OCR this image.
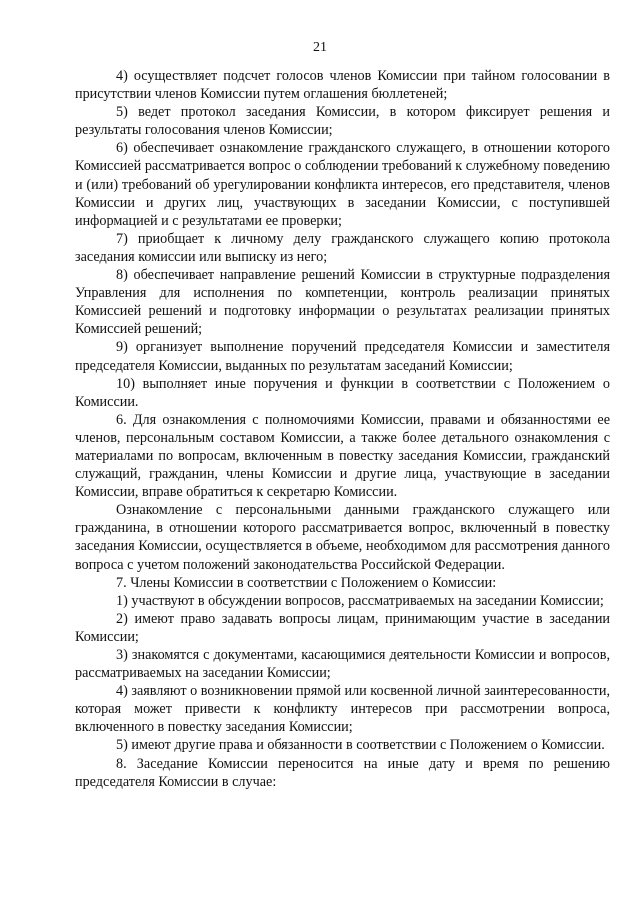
21

4) осуществляет подсчет голосов членов Комиссии при тайном голосовании в присутствии членов Комиссии путем оглашения бюллетеней;

5) ведет протокол заседания Комиссии, в котором фиксирует решения и результаты голосования членов Комиссии;

6) обеспечивает ознакомление гражданского служащего, в отношении которого Комиссией рассматривается вопрос о соблюдении требований к служебному поведению и (или) требований об урегулировании конфликта интересов, его представителя, членов Комиссии и других лиц, участвующих в заседании Комиссии, с поступившей информацией и с результатами ее проверки;

7) приобщает к личному делу гражданского служащего копию протокола заседания комиссии или выписку из него;

8) обеспечивает направление решений Комиссии в структурные подразделения Управления для исполнения по компетенции, контроль реализации принятых Комиссией решений и подготовку информации о результатах реализации принятых Комиссией решений;

9) организует выполнение поручений председателя Комиссии и заместителя председателя Комиссии, выданных по результатам заседаний Комиссии;

10) выполняет иные поручения и функции в соответствии с Положением о Комиссии.

6. Для ознакомления с полномочиями Комиссии, правами и обязанностями ее членов, персональным составом Комиссии, а также более детального ознакомления с материалами по вопросам, включенным в повестку заседания Комиссии, гражданский служащий, гражданин, члены Комиссии и другие лица, участвующие в заседании Комиссии, вправе обратиться к секретарю Комиссии.

Ознакомление с персональными данными гражданского служащего или гражданина, в отношении которого рассматривается вопрос, включенный в повестку заседания Комиссии, осуществляется в объеме, необходимом для рассмотрения данного вопроса с учетом положений законодательства Российской Федерации.

7. Члены Комиссии в соответствии с Положением о Комиссии:

1) участвуют в обсуждении вопросов, рассматриваемых на заседании Комиссии;

2) имеют право задавать вопросы лицам, принимающим участие в заседании Комиссии;

3) знакомятся с документами, касающимися деятельности Комиссии и вопросов, рассматриваемых на заседании Комиссии;

4) заявляют о возникновении прямой или косвенной личной заинтересованности, которая может привести к конфликту интересов при рассмотрении вопроса, включенного в повестку заседания Комиссии;

5) имеют другие права и обязанности в соответствии с Положением о Комиссии.

8. Заседание Комиссии переносится на иные дату и время по решению председателя Комиссии в случае:
